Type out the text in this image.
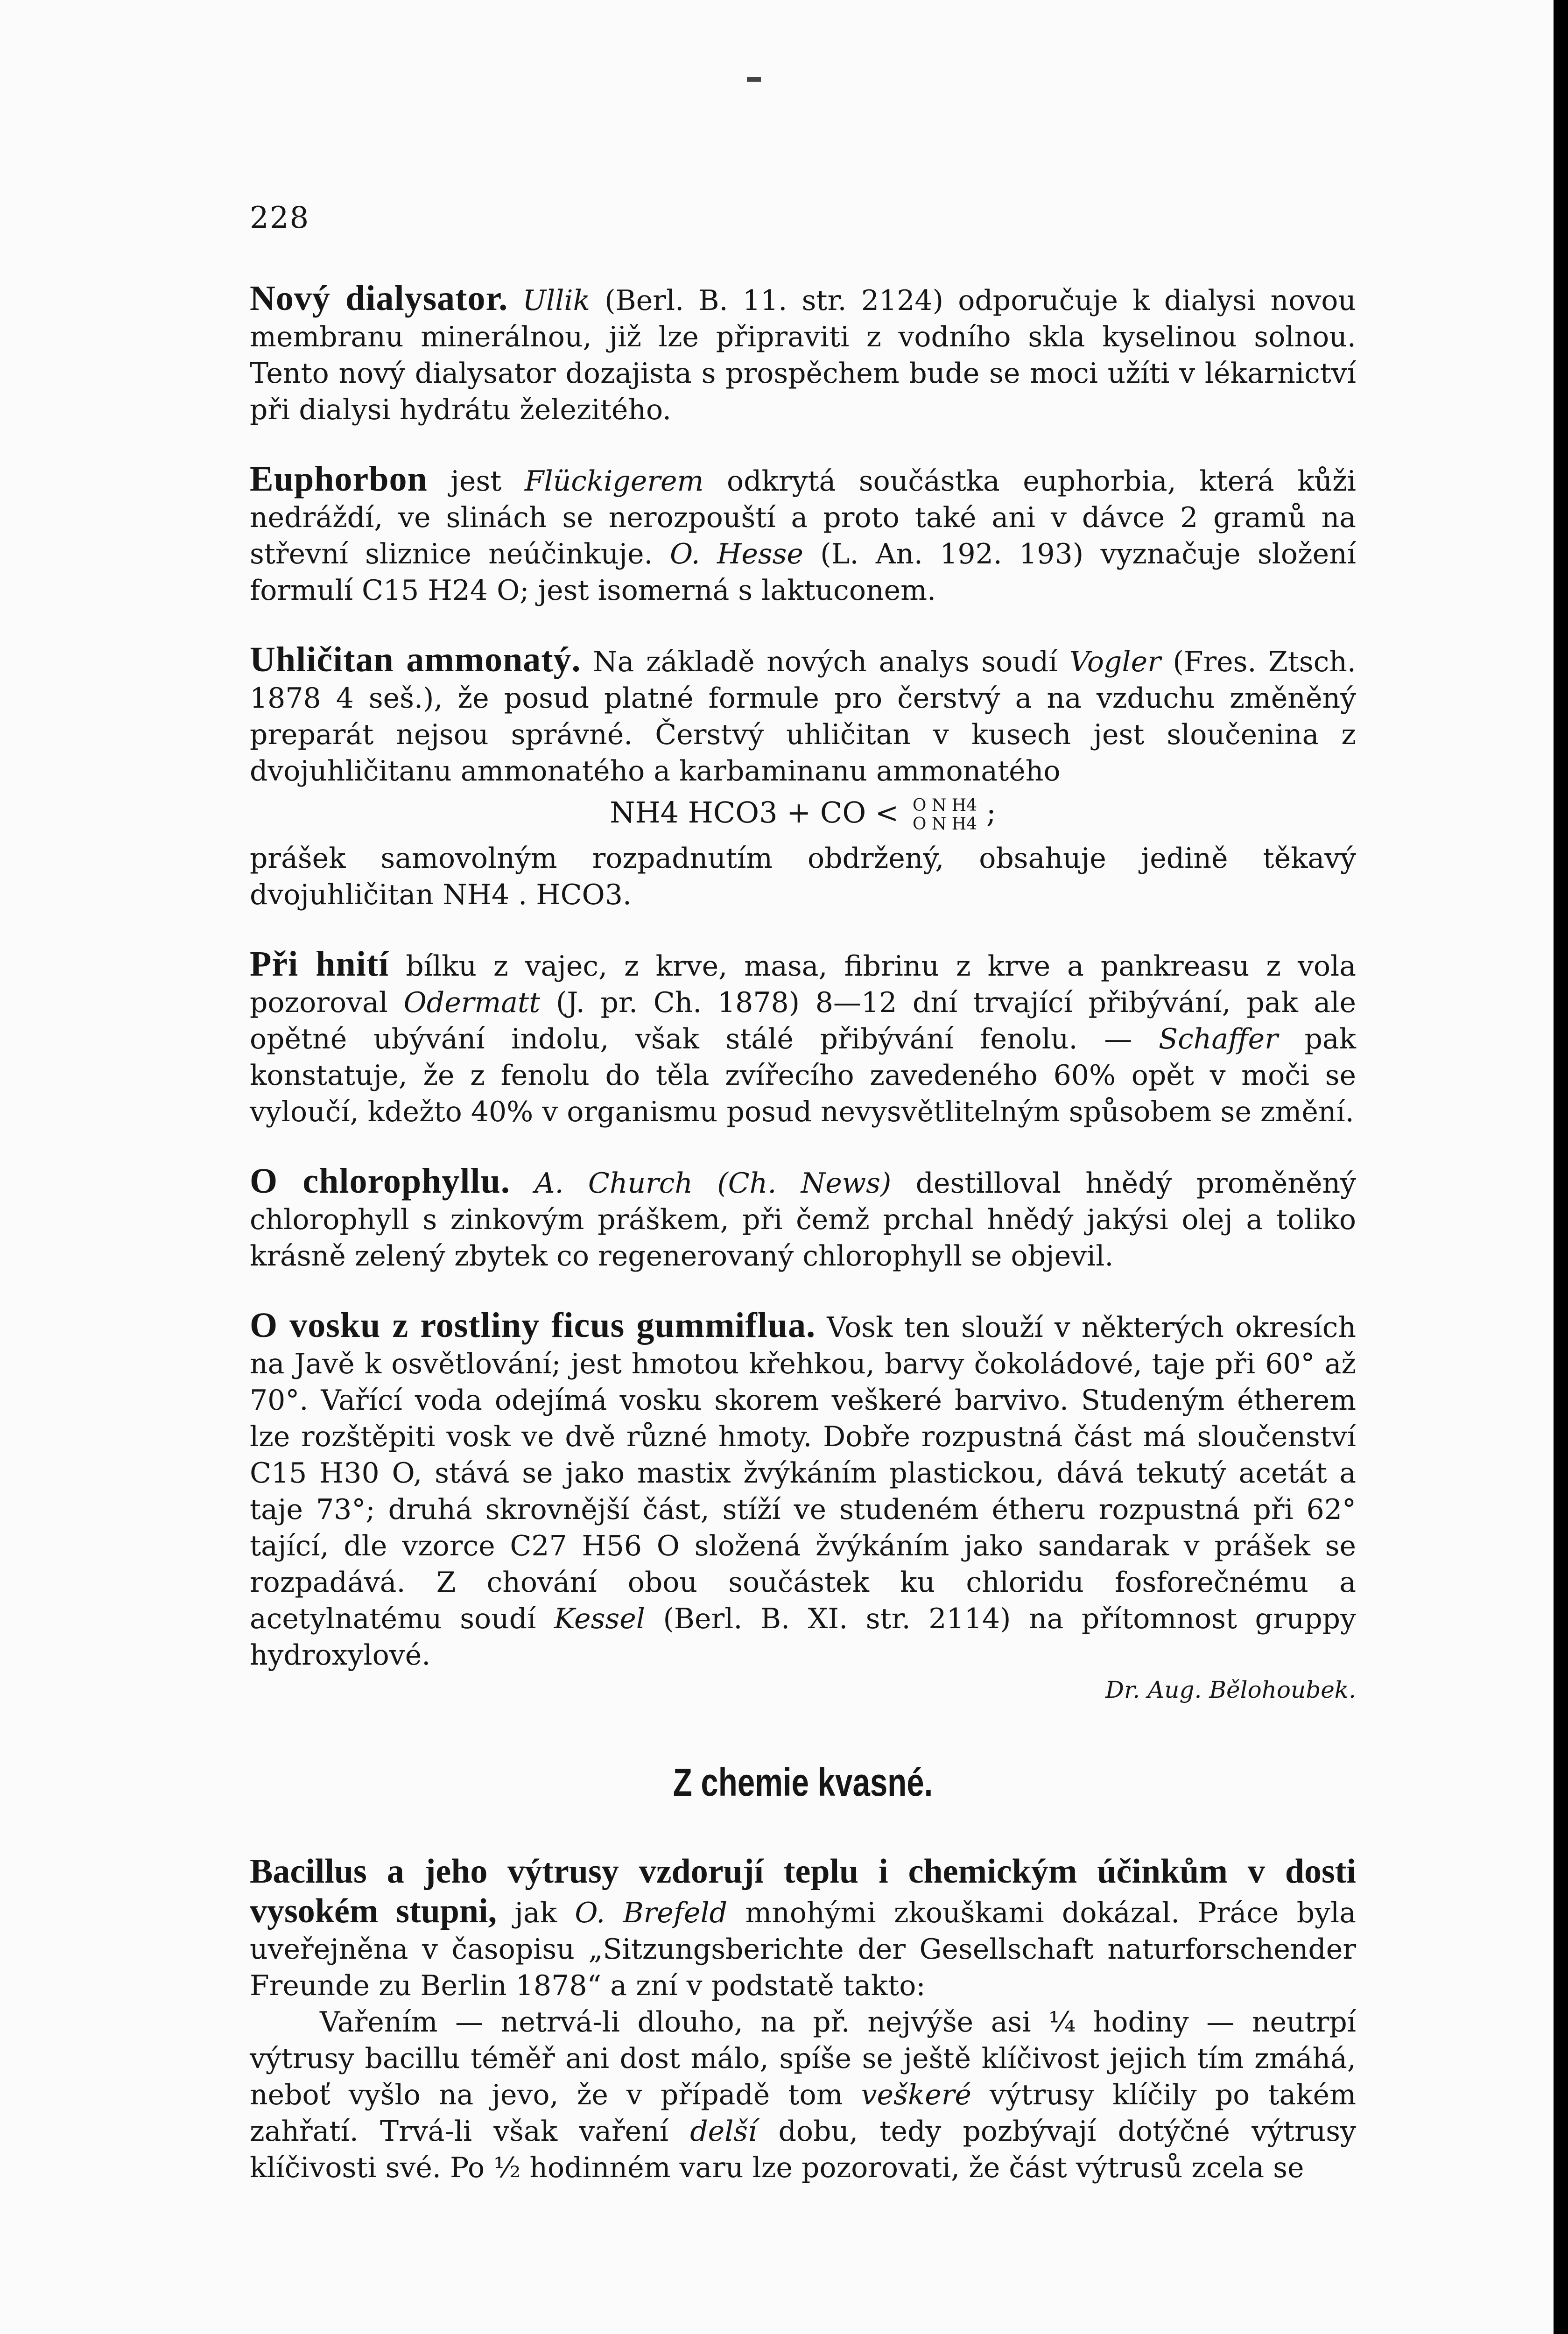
228

Nový dialysator. Ullik (Berl. B. 11. str. 2124) odporučuje k dialysi novou membranu minerálnou, již lze připraviti z vodního skla kyselinou solnou. Tento nový dialysator dozajista s prospěchem bude se moci užíti v lékarnictví při dialysi hydrátu železitého.

Euphorbon jest Flückigerem odkrytá součástka euphorbia, která kůži nedráždí, ve slinách se nerozpouští a proto také ani v dávce 2 gramů na střevní sliznice neúčinkuje. O. Hesse (L. An. 192. 193) vyznačuje složení formulí C15 H24 O; jest isomerná s laktuconem.

Uhličitan ammonatý. Na základě nových analys soudí Vogler (Fres. Ztsch. 1878 4 seš.), že posud platné formule pro čerstvý a na vzduchu změněný preparát nejsou správné. Čerstvý uhličitan v kusech jest sloučenina z dvojuhličitanu ammonatého a karbaminanu ammonatého

NH4 HCO3 + CO < O N H4
O N H4 ;

prášek samovolným rozpadnutím obdržený, obsahuje jedině těkavý dvojuhličitan NH4 . HCO3.

Při hnití bílku z vajec, z krve, masa, fibrinu z krve a pankreasu z vola pozoroval Odermatt (J. pr. Ch. 1878) 8—12 dní trvající přibývání, pak ale opětné ubývání indolu, však stálé přibývání fenolu. — Schaffer pak konstatuje, že z fenolu do těla zvířecího zavedeného 60% opět v moči se vyloučí, kdežto 40% v organismu posud nevysvětlitelným spůsobem se změní.

O chlorophyllu. A. Church (Ch. News) destilloval hnědý proměněný chlorophyll s zinkovým práškem, při čemž prchal hnědý jakýsi olej a toliko krásně zelený zbytek co regenerovaný chlorophyll se objevil.

O vosku z rostliny ficus gummiflua. Vosk ten slouží v některých okresích na Javě k osvětlování; jest hmotou křehkou, barvy čokoládové, taje při 60° až 70°. Vařící voda odejímá vosku skorem veškeré barvivo. Studeným étherem lze rozštěpiti vosk ve dvě různé hmoty. Dobře rozpustná část má sloučenství C15 H30 O, stává se jako mastix žvýkáním plastickou, dává tekutý acetát a taje 73°; druhá skrovnější část, stíží ve studeném étheru rozpustná při 62° tající, dle vzorce C27 H56 O složená žvýkáním jako sandarak v prášek se rozpadává. Z chování obou součástek ku chloridu fosforečnému a acetylnatému soudí Kessel (Berl. B. XI. str. 2114) na přítomnost gruppy hydroxylové.
Dr. Aug. Bělohoubek.

Z chemie kvasné.

Bacillus a jeho výtrusy vzdorují teplu i chemickým účinkům v dosti vysokém stupni, jak O. Brefeld mnohými zkouškami dokázal. Práce byla uveřejněna v časopisu „Sitzungsberichte der Gesellschaft naturforschender Freunde zu Berlin 1878“ a zní v podstatě takto:

Vařením — netrvá-li dlouho, na př. nejvýše asi ¼ hodiny — neutrpí výtrusy bacillu téměř ani dost málo, spíše se ještě klíčivost jejich tím zmáhá, neboť vyšlo na jevo, že v případě tom veškeré výtrusy klíčily po takém zahřatí. Trvá-li však vaření delší dobu, tedy pozbývají dotýčné výtrusy klíčivosti své. Po ½ hodinném varu lze pozorovati, že část výtrusů zcela se
